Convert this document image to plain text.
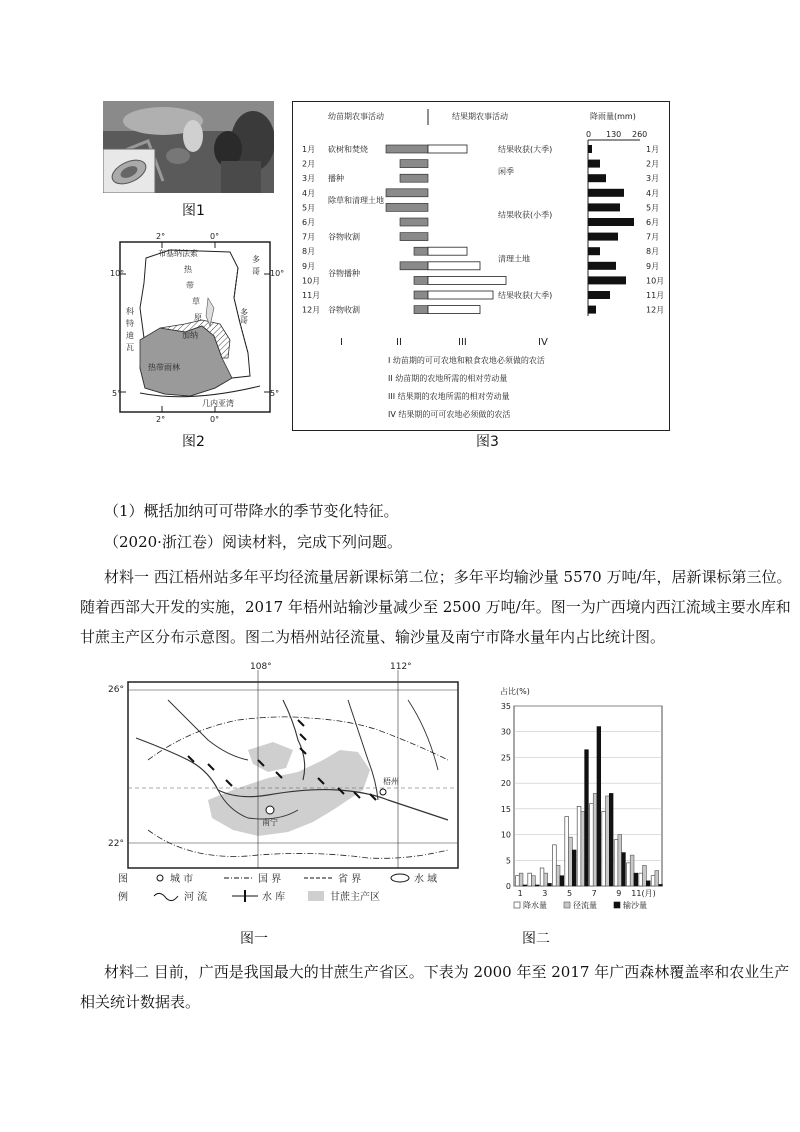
图1
10°	10°
5°	5°
2°	0°
2°	0°
布基纳法索
科特迪瓦
多哥
多哥
热带草原
加纳
热带雨林
几内亚湾
图2
幼苗期农事活动	结果期农事活动	降雨量(mm)
0 130 260
1月	1月
2月	2月
3月	3月
4月	4月
5月	5月
6月	6月
7月	7月
8月	8月
9月	9月
10月	10月
11月	11月
12月	12月
砍树和焚烧
播种
除草和清理土地
谷物收割
谷物播种
谷物收割
结果收获(大季)
闲季
结果收获(小季)
清理土地
结果收获(大季)
I	II	III	IV
I 幼苗期的可可农地和粮食农地必须做的农活
II 幼苗期的农地所需的相对劳动量
III 结果期的农地所需的相对劳动量
IV 结果期的可可农地必须做的农活
图3
（1）概括加纳可可带降水的季节变化特征。
（2020·浙江卷）阅读材料，完成下列问题。
材料一 西江梧州站多年平均径流量居新课标第二位；多年平均输沙量 5570 万吨/年，居新课标第三位。
随着西部大开发的实施，2017 年梧州站输沙量减少至 2500 万吨/年。图一为广西境内西江流域主要水库和
甘蔗主产区分布示意图。图二为梧州站径流量、输沙量及南宁市降水量年内占比统计图。
南宁
梧州
108°	112°
26°
22°
图	城 市	国 界	省 界	水 域
例	河 流	水 库	甘蔗主产区
图一
占比(%)
0
5
10
15
20
25
30
35
1 3 5 7 9 11(月)
降水量	径流量	输沙量
图二
材料二 目前，广西是我国最大的甘蔗生产省区。下表为 2000 年至 2017 年广西森林覆盖率和农业生产
相关统计数据表。
